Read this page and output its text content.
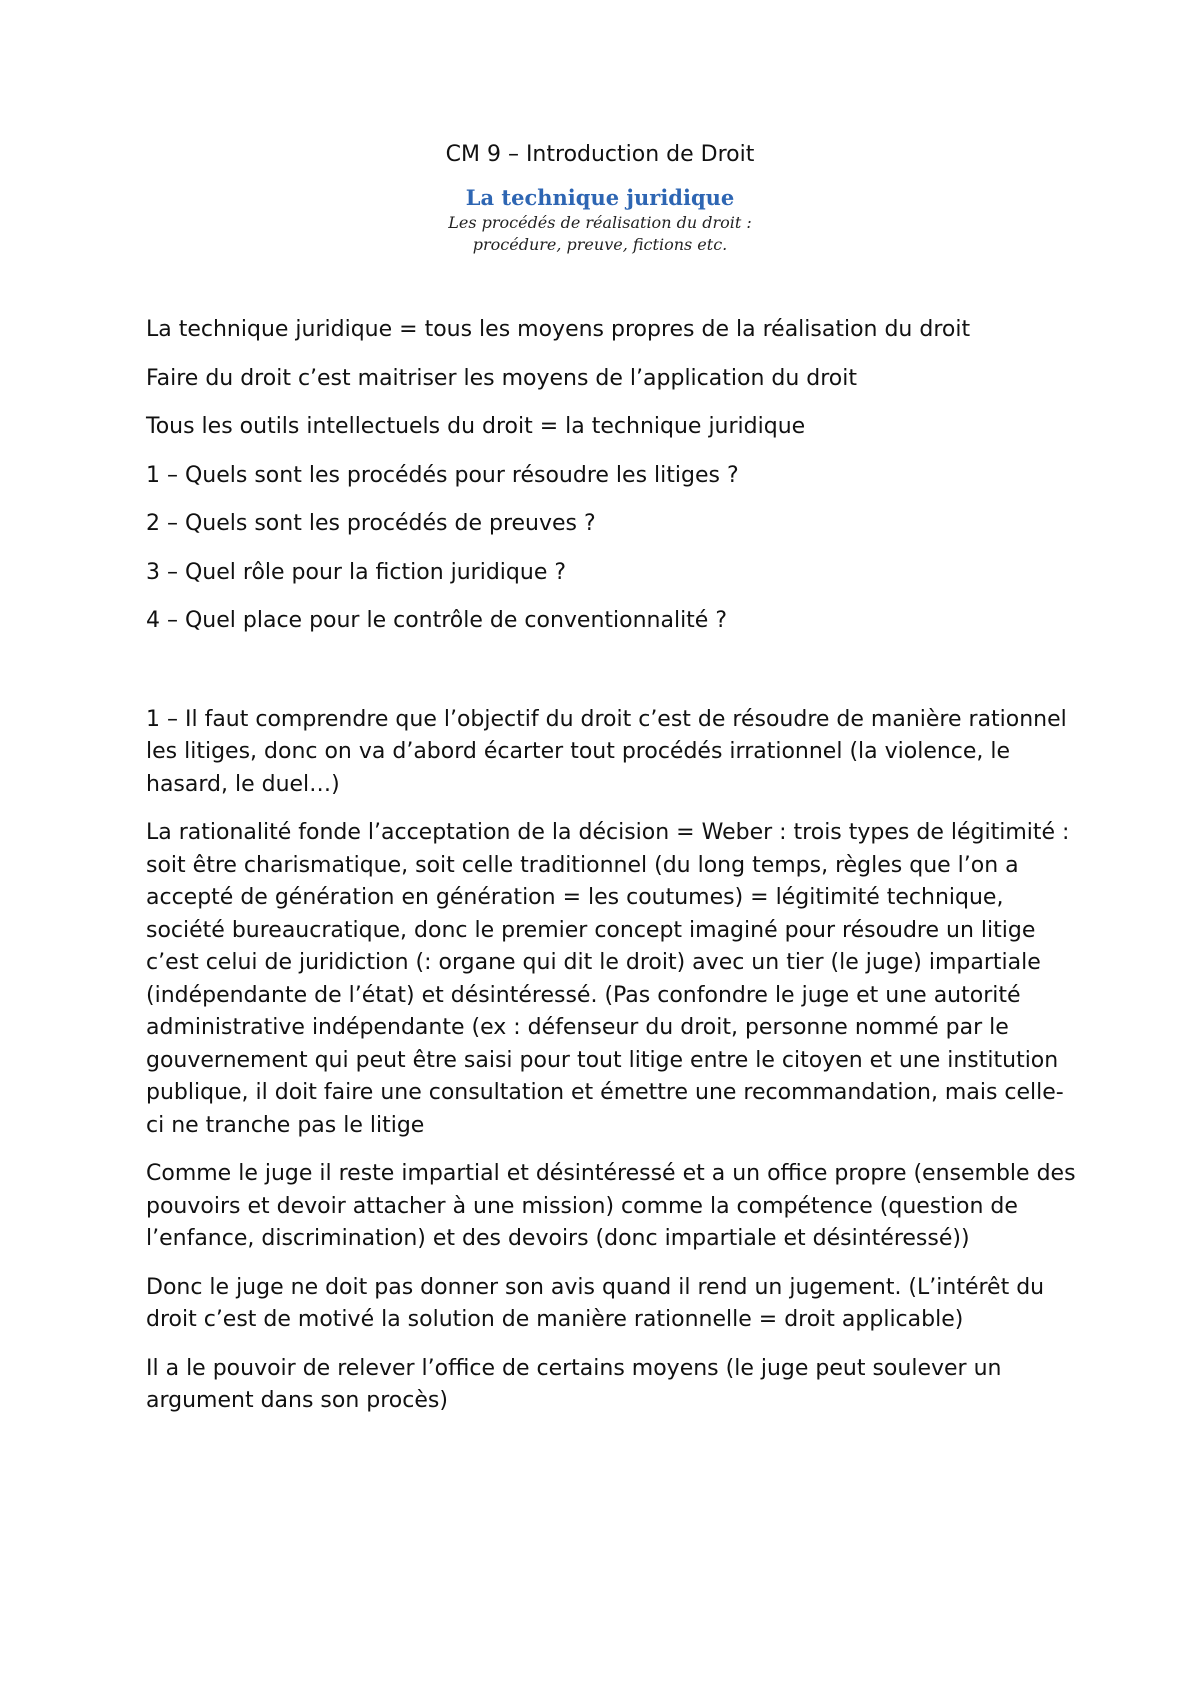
CM 9 – Introduction de Droit

La technique juridique

Les procédés de réalisation du droit :

procédure, preuve, fictions etc.

La technique juridique = tous les moyens propres de la réalisation du droit

Faire du droit c’est maitriser les moyens de l’application du droit

Tous les outils intellectuels du droit = la technique juridique

1 – Quels sont les procédés pour résoudre les litiges ?

2 – Quels sont les procédés de preuves ?

3 – Quel rôle pour la fiction juridique ?

4 – Quel place pour le contrôle de conventionnalité ?

1 – Il faut comprendre que l’objectif du droit c’est de résoudre de manière rationnel les litiges, donc on va d’abord écarter tout procédés irrationnel (la violence, le hasard, le duel…)

La rationalité fonde l’acceptation de la décision = Weber : trois types de légitimité : soit être charismatique, soit celle traditionnel (du long temps, règles que l’on a accepté de génération en génération = les coutumes) = légitimité technique, société bureaucratique, donc le premier concept imaginé pour résoudre un litige c’est celui de juridiction (: organe qui dit le droit) avec un tier (le juge) impartiale (indépendante de l’état) et désintéressé. (Pas confondre le juge et une autorité administrative indépendante (ex : défenseur du droit, personne nommé par le gouvernement qui peut être saisi pour tout litige entre le citoyen et une institution publique, il doit faire une consultation et émettre une recommandation, mais celle-ci ne tranche pas le litige

Comme le juge il reste impartial et désintéressé et a un office propre (ensemble des pouvoirs et devoir attacher à une mission) comme la compétence (question de l’enfance, discrimination) et des devoirs (donc impartiale et désintéressé))

Donc le juge ne doit pas donner son avis quand il rend un jugement. (L’intérêt du droit c’est de motivé la solution de manière rationnelle = droit applicable)

Il a le pouvoir de relever l’office de certains moyens (le juge peut soulever un argument dans son procès)
